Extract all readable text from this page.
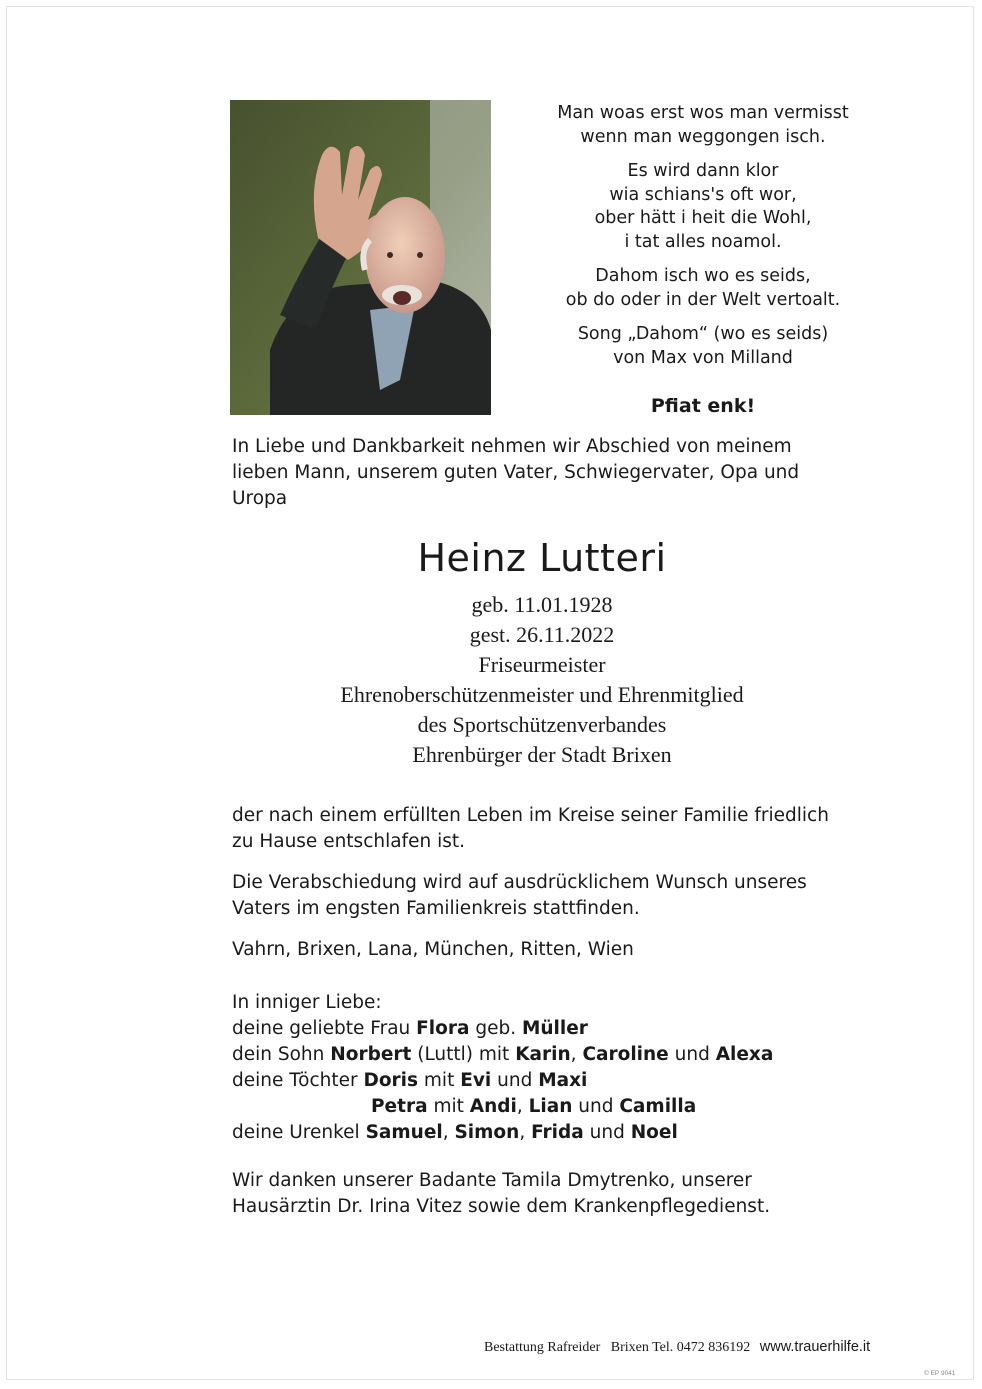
Man woas erst wos man vermisst
wenn man weggongen isch.
Es wird dann klor
wia schians's oft wor,
ober hätt i heit die Wohl,
i tat alles noamol.
Dahom isch wo es seids,
ob do oder in der Welt vertoalt.
Song „Dahom“ (wo es seids)
von Max von Milland
Pfiat enk!
In Liebe und Dankbarkeit nehmen wir Abschied von meinem
lieben Mann, unserem guten Vater, Schwiegervater, Opa und
Uropa
Heinz Lutteri
geb. 11.01.1928
gest. 26.11.2022
Friseurmeister
Ehrenoberschützenmeister und Ehrenmitglied
des Sportschützenverbandes
Ehrenbürger der Stadt Brixen
der nach einem erfüllten Leben im Kreise seiner Familie friedlich
zu Hause entschlafen ist.
Die Verabschiedung wird auf ausdrücklichem Wunsch unseres
Vaters im engsten Familienkreis stattfinden.
Vahrn, Brixen, Lana, München, Ritten, Wien
In inniger Liebe:
deine geliebte Frau Flora geb. Müller
dein Sohn Norbert (Luttl) mit Karin, Caroline und Alexa
deine Töchter Doris mit Evi und Maxi
Petra mit Andi, Lian und Camilla
deine Urenkel Samuel, Simon, Frida und Noel
Wir danken unserer Badante Tamila Dmytrenko, unserer
Hausärztin Dr. Irina Vitez sowie dem Krankenpflegedienst.
Bestattung Rafreider   Brixen Tel. 0472 836192 www.trauerhilfe.it
© EP 9041
